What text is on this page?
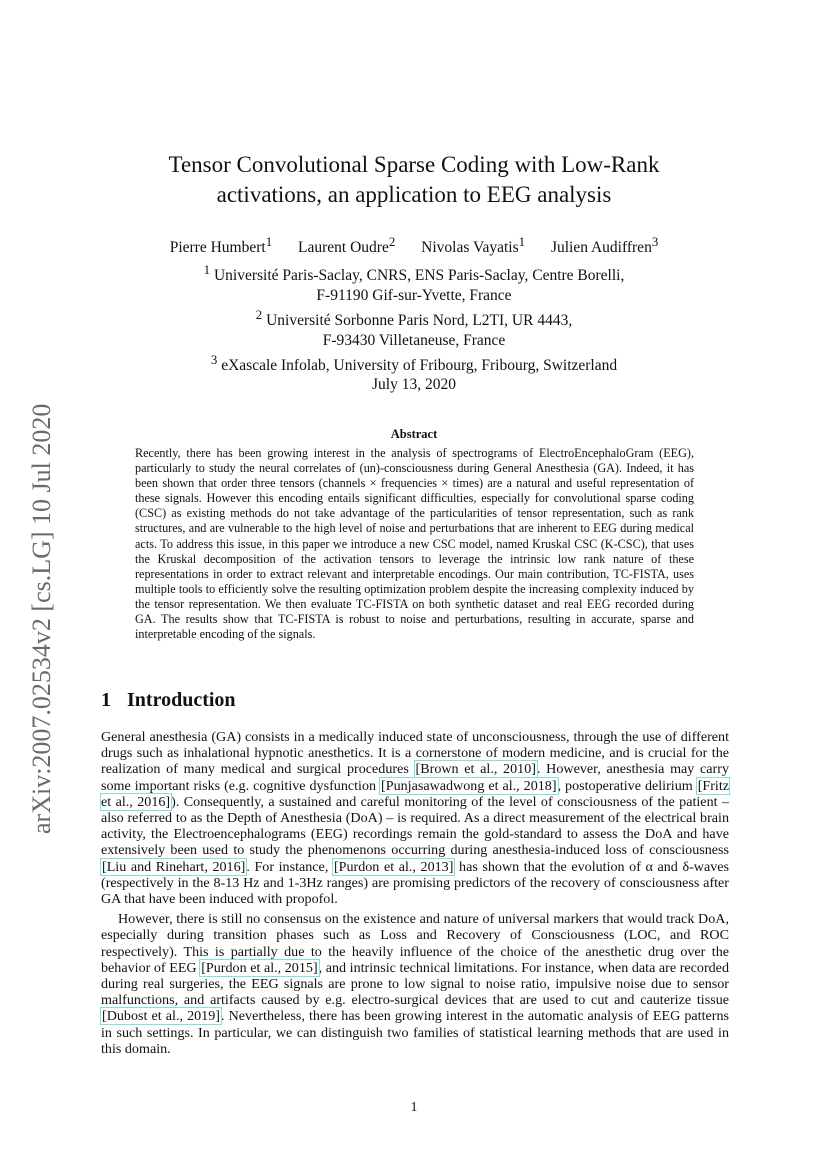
arXiv:2007.02534v2 [cs.LG] 10 Jul 2020
Tensor Convolutional Sparse Coding with Low-Rank
activations, an application to EEG analysis
Pierre Humbert$^1$ Laurent Oudre$^2$ Nivolas Vayatis$^1$ Julien Audiffren$^3$
$^1$ Université Paris-Saclay, CNRS, ENS Paris-Saclay, Centre Borelli,
F-91190 Gif-sur-Yvette, France
$^2$ Université Sorbonne Paris Nord, L2TI, UR 4443,
F-93430 Villetaneuse, France
$^3$ eXascale Infolab, University of Fribourg, Fribourg, Switzerland
July 13, 2020
Abstract
Recently, there has been growing interest in the analysis of spectrograms of ElectroEncephaloGram (EEG), particularly to study the neural correlates of (un)-consciousness during General Anesthesia (GA). Indeed, it has been shown that order three tensors (channels × frequencies × times) are a natural and useful representation of these signals. However this encoding entails significant difficulties, especially for convolutional sparse coding (CSC) as existing methods do not take advantage of the particularities of tensor representation, such as rank structures, and are vulnerable to the high level of noise and perturbations that are inherent to EEG during medical acts. To address this issue, in this paper we introduce a new CSC model, named Kruskal CSC (K-CSC), that uses the Kruskal decomposition of the activation tensors to leverage the intrinsic low rank nature of these representations in order to extract relevant and interpretable encodings. Our main contribution, TC-FISTA, uses multiple tools to efficiently solve the resulting optimization problem despite the increasing complexity induced by the tensor representation. We then evaluate TC-FISTA on both synthetic dataset and real EEG recorded during GA. The results show that TC-FISTA is robust to noise and perturbations, resulting in accurate, sparse and interpretable encoding of the signals.
1 Introduction

General anesthesia (GA) consists in a medically induced state of unconsciousness, through the use of different drugs such as inhalational hypnotic anesthetics. It is a cornerstone of modern medicine, and is crucial for the realization of many medical and surgical procedures [Brown et al., 2010]. However, anesthesia may carry some important risks (e.g. cognitive dysfunction [Punjasawadwong et al., 2018], postoperative delirium [Fritz et al., 2016]). Consequently, a sustained and careful monitoring of the level of consciousness of the patient – also referred to as the Depth of Anesthesia (DoA) – is required. As a direct measurement of the electrical brain activity, the Electroencephalograms (EEG) recordings remain the gold-standard to assess the DoA and have extensively been used to study the phenomenons occurring during anesthesia-induced loss of consciousness [Liu and Rinehart, 2016]. For instance, [Purdon et al., 2013] has shown that the evolution of α and δ-waves (respectively in the 8-13 Hz and 1-3Hz ranges) are promising predictors of the recovery of consciousness after GA that have been induced with propofol.

However, there is still no consensus on the existence and nature of universal markers that would track DoA, especially during transition phases such as Loss and Recovery of Consciousness (LOC, and ROC respectively). This is partially due to the heavily influence of the choice of the anesthetic drug over the behavior of EEG [Purdon et al., 2015], and intrinsic technical limitations. For instance, when data are recorded during real surgeries, the EEG signals are prone to low signal to noise ratio, impulsive noise due to sensor malfunctions, and artifacts caused by e.g. electro-surgical devices that are used to cut and cauterize tissue [Dubost et al., 2019]. Nevertheless, there has been growing interest in the automatic analysis of EEG patterns in such settings. In particular, we can distinguish two families of statistical learning methods that are used in this domain.

1
